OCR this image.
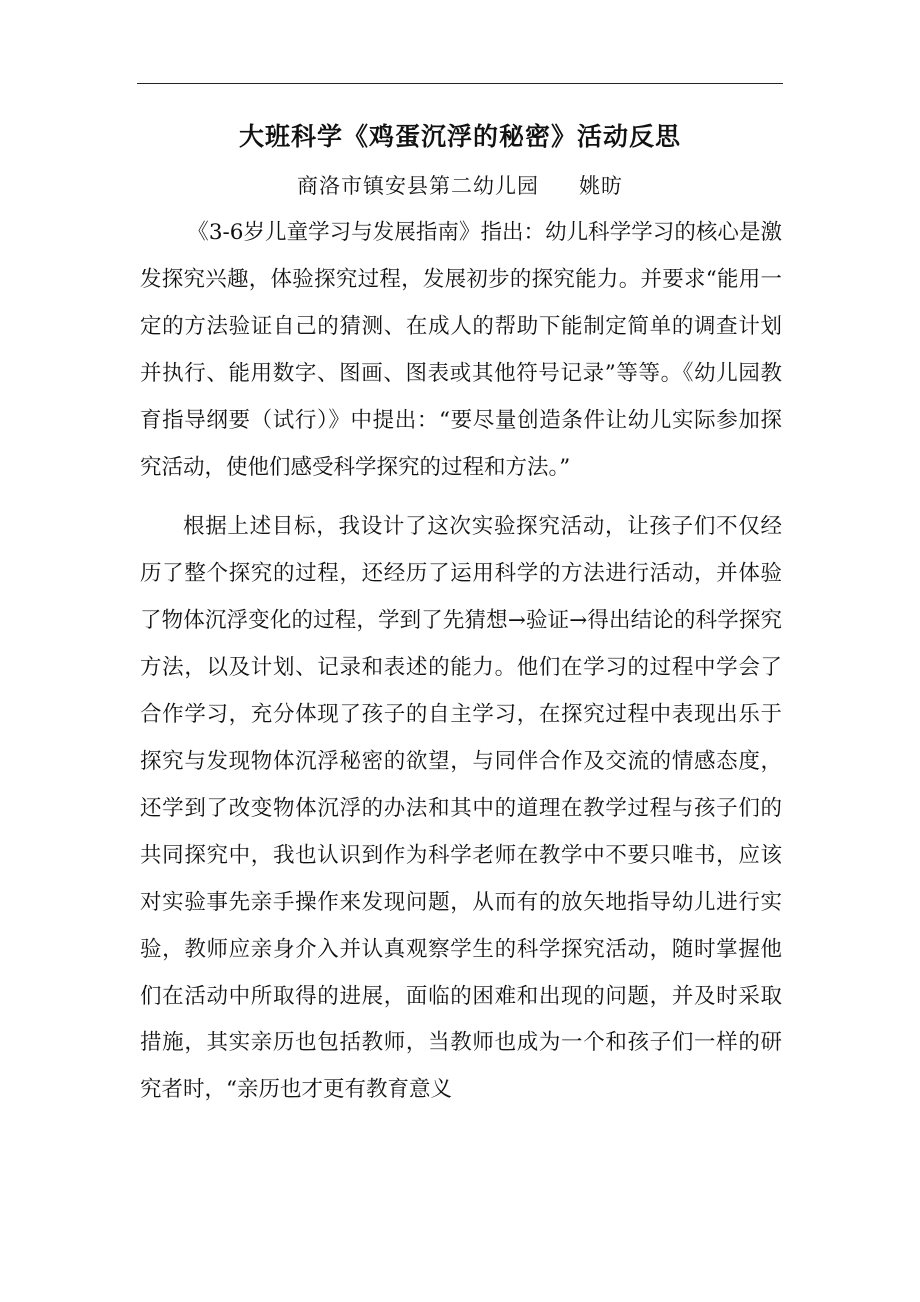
大班科学《鸡蛋沉浮的秘密》活动反思
商洛市镇安县第二幼儿园 姚昉

《3-6岁儿童学习与发展指南》指出：幼儿科学学习的核心是激发探究兴趣，体验探究过程，发展初步的探究能力。并要求“能用一定的方法验证自己的猜测、在成人的帮助下能制定简单的调查计划并执行、能用数字、图画、图表或其他符号记录”等等。《幼儿园教育指导纲要（试行）》中提出：“要尽量创造条件让幼儿实际参加探究活动，使他们感受科学探究的过程和方法。”

根据上述目标，我设计了这次实验探究活动，让孩子们不仅经历了整个探究的过程，还经历了运用科学的方法进行活动，并体验了物体沉浮变化的过程，学到了先猜想→验证→得出结论的科学探究方法，以及计划、记录和表述的能力。他们在学习的过程中学会了合作学习，充分体现了孩子的自主学习，在探究过程中表现出乐于探究与发现物体沉浮秘密的欲望，与同伴合作及交流的情感态度，还学到了改变物体沉浮的办法和其中的道理在教学过程与孩子们的共同探究中，我也认识到作为科学老师在教学中不要只唯书，应该对实验事先亲手操作来发现问题，从而有的放矢地指导幼儿进行实验，教师应亲身介入并认真观察学生的科学探究活动，随时掌握他们在活动中所取得的进展，面临的困难和出现的问题，并及时采取措施，其实亲历也包括教师，当教师也成为一个和孩子们一样的研究者时，“亲历也才更有教育意义
